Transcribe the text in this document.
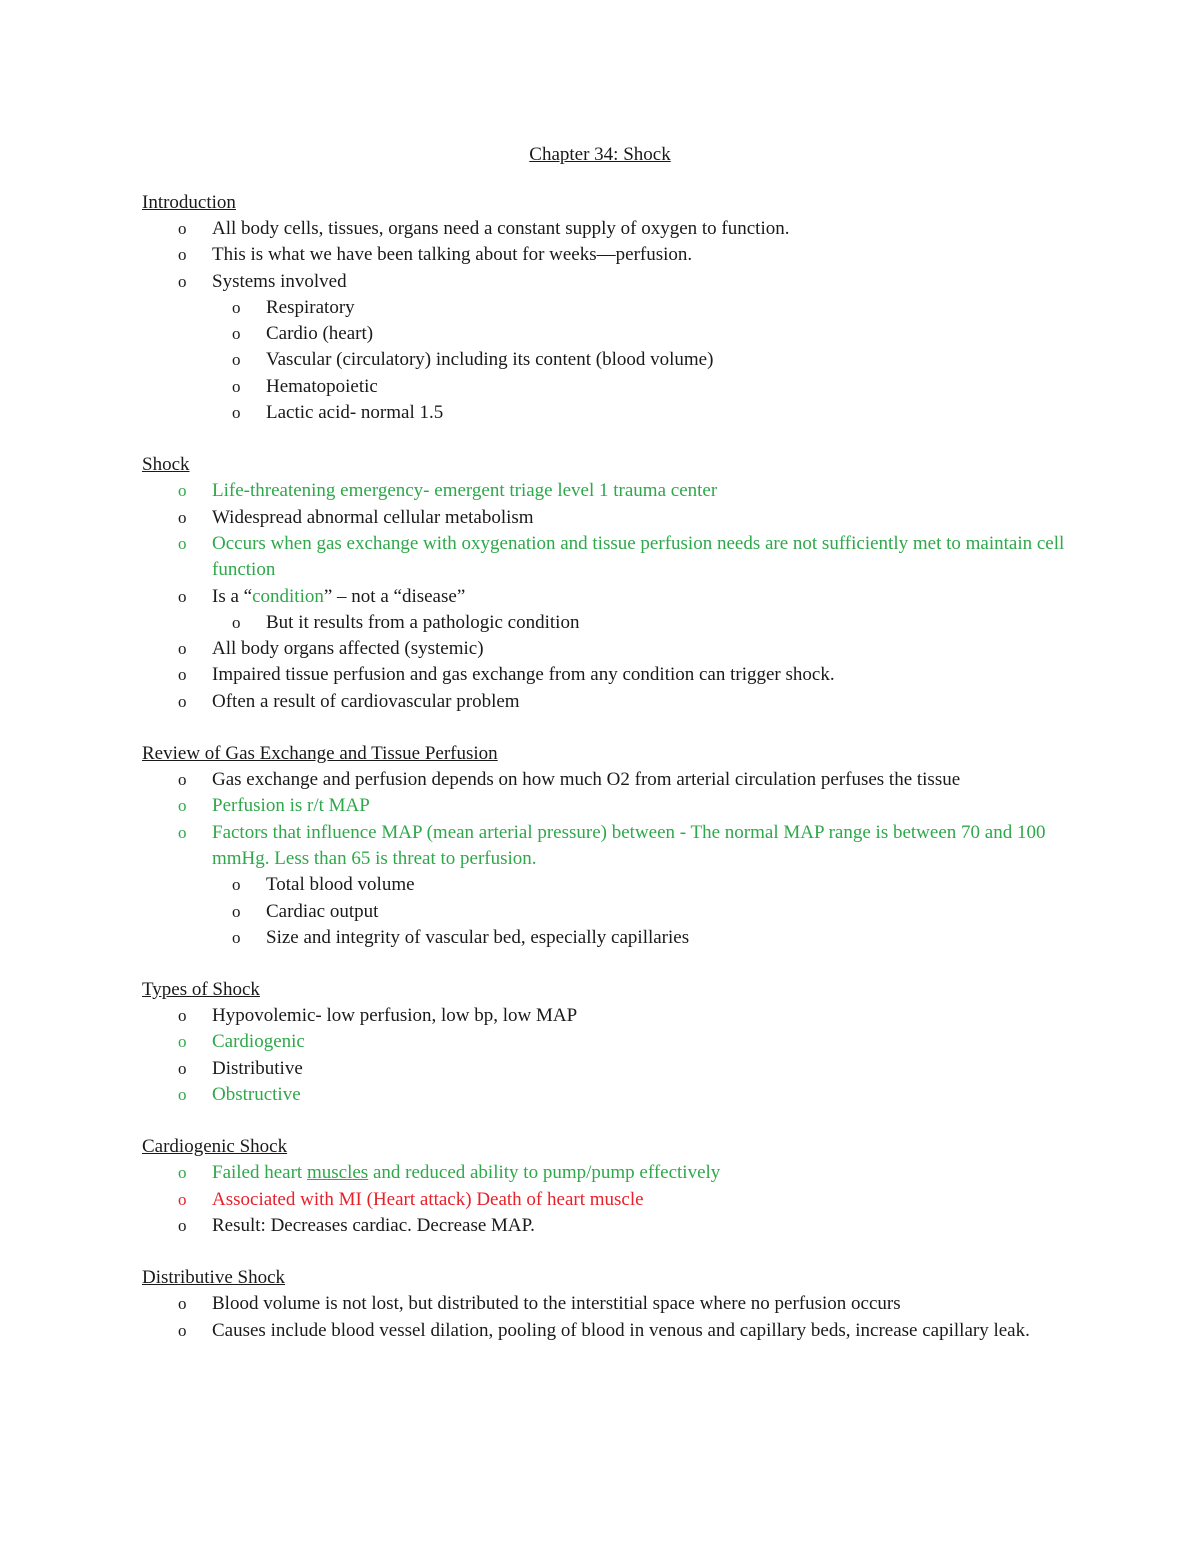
Chapter 34: Shock
Introduction
o All body cells, tissues, organs need a constant supply of oxygen to function.
o This is what we have been talking about for weeks—perfusion.
o Systems involved
o Respiratory
o Cardio (heart)
o Vascular (circulatory) including its content (blood volume)
o Hematopoietic
o Lactic acid- normal 1.5
Shock
o Life-threatening emergency- emergent triage level 1 trauma center
o Widespread abnormal cellular metabolism
o Occurs when gas exchange with oxygenation and tissue perfusion needs are not sufficiently met to maintain cell function
o Is a “condition” – not a “disease”
o But it results from a pathologic condition
o All body organs affected (systemic)
o Impaired tissue perfusion and gas exchange from any condition can trigger shock.
o Often a result of cardiovascular problem
Review of Gas Exchange and Tissue Perfusion
o Gas exchange and perfusion depends on how much O2 from arterial circulation perfuses the tissue
o Perfusion is r/t MAP
o Factors that influence MAP (mean arterial pressure) between - The normal MAP range is between 70 and 100 mmHg. Less than 65 is threat to perfusion.
o Total blood volume
o Cardiac output
o Size and integrity of vascular bed, especially capillaries
Types of Shock
o Hypovolemic- low perfusion, low bp, low MAP
o Cardiogenic
o Distributive
o Obstructive
Cardiogenic Shock
o Failed heart muscles and reduced ability to pump/pump effectively
o Associated with MI (Heart attack) Death of heart muscle
o Result: Decreases cardiac. Decrease MAP.
Distributive Shock
o Blood volume is not lost, but distributed to the interstitial space where no perfusion occurs
o Causes include blood vessel dilation, pooling of blood in venous and capillary beds, increase capillary leak.
